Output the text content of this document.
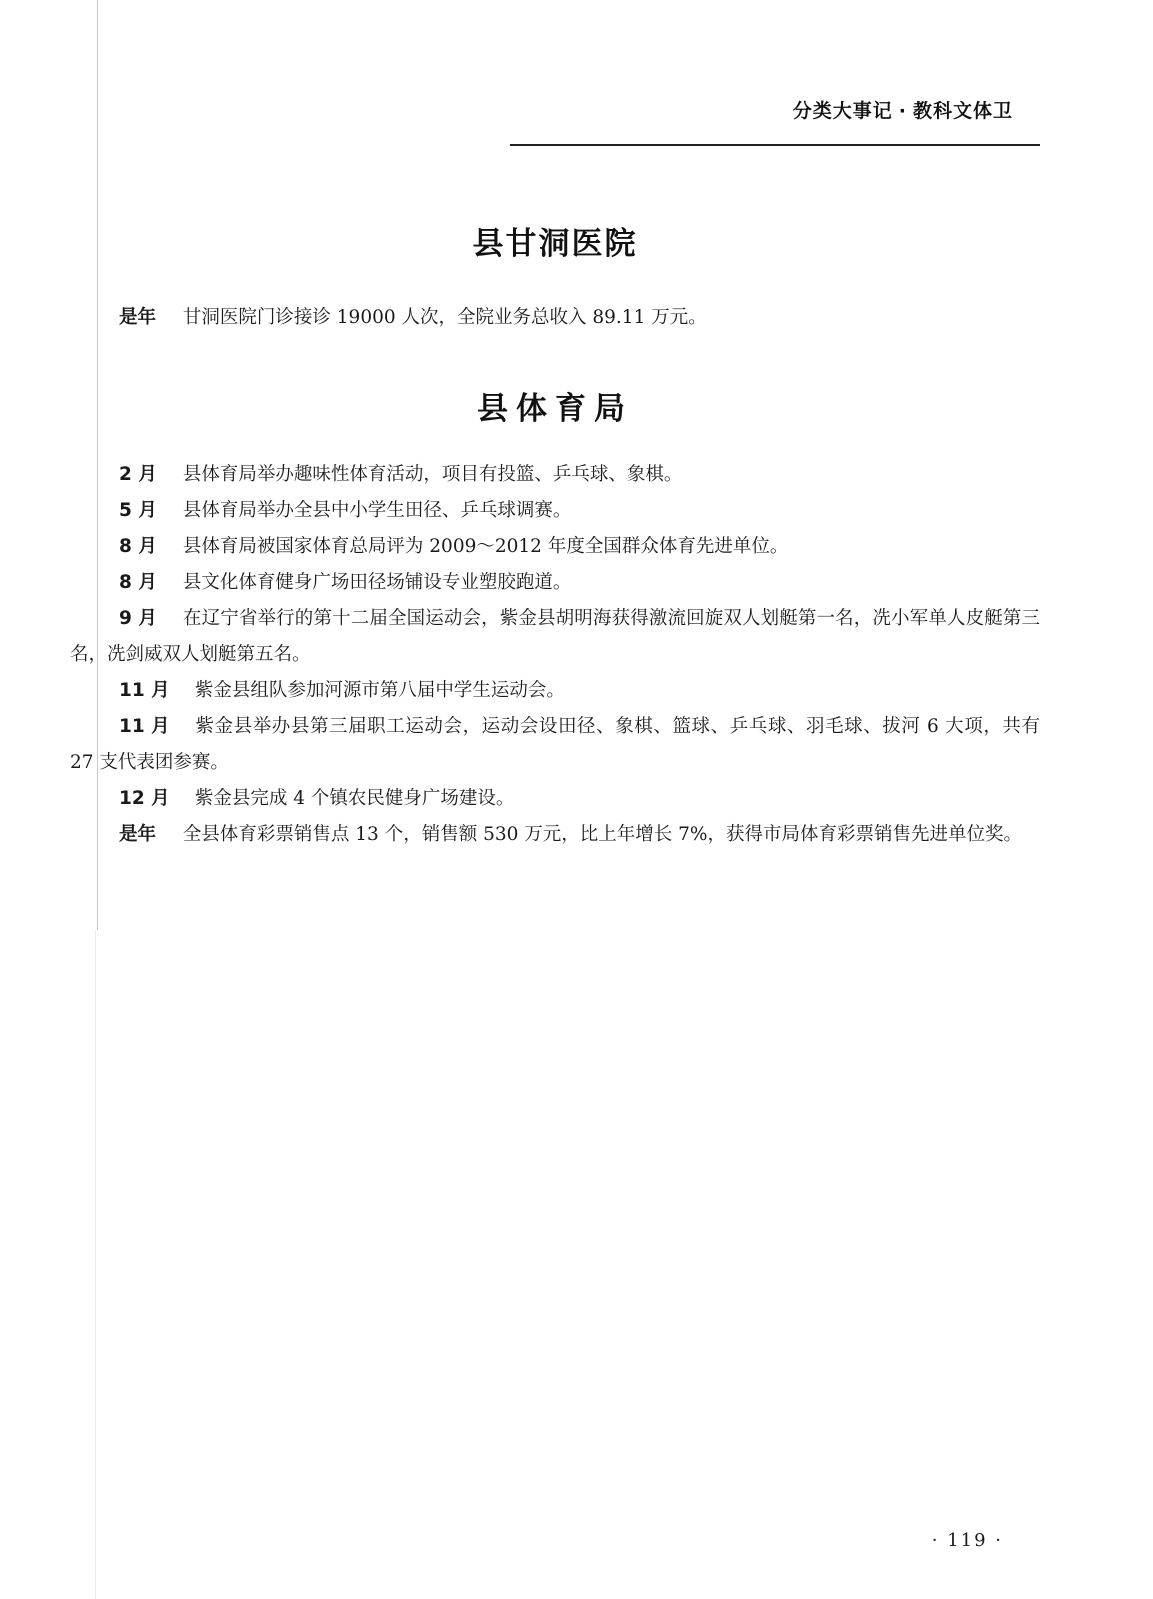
分类大事记 · 教科文体卫
县甘洞医院

是年 甘洞医院门诊接诊 19000 人次，全院业务总收入 89.11 万元。

县体育局

2 月 县体育局举办趣味性体育活动，项目有投篮、乒乓球、象棋。

5 月 县体育局举办全县中小学生田径、乒乓球调赛。

8 月 县体育局被国家体育总局评为 2009～2012 年度全国群众体育先进单位。

8 月 县文化体育健身广场田径场铺设专业塑胶跑道。

9 月 在辽宁省举行的第十二届全国运动会，紫金县胡明海获得激流回旋双人划艇第一名，冼小军单人皮艇第三名，冼剑威双人划艇第五名。

11 月 紫金县组队参加河源市第八届中学生运动会。

11 月 紫金县举办县第三届职工运动会，运动会设田径、象棋、篮球、乒乓球、羽毛球、拔河 6 大项，共有 27 支代表团参赛。

12 月 紫金县完成 4 个镇农民健身广场建设。

是年 全县体育彩票销售点 13 个，销售额 530 万元，比上年增长 7%，获得市局体育彩票销售先进单位奖。

· 119 ·
